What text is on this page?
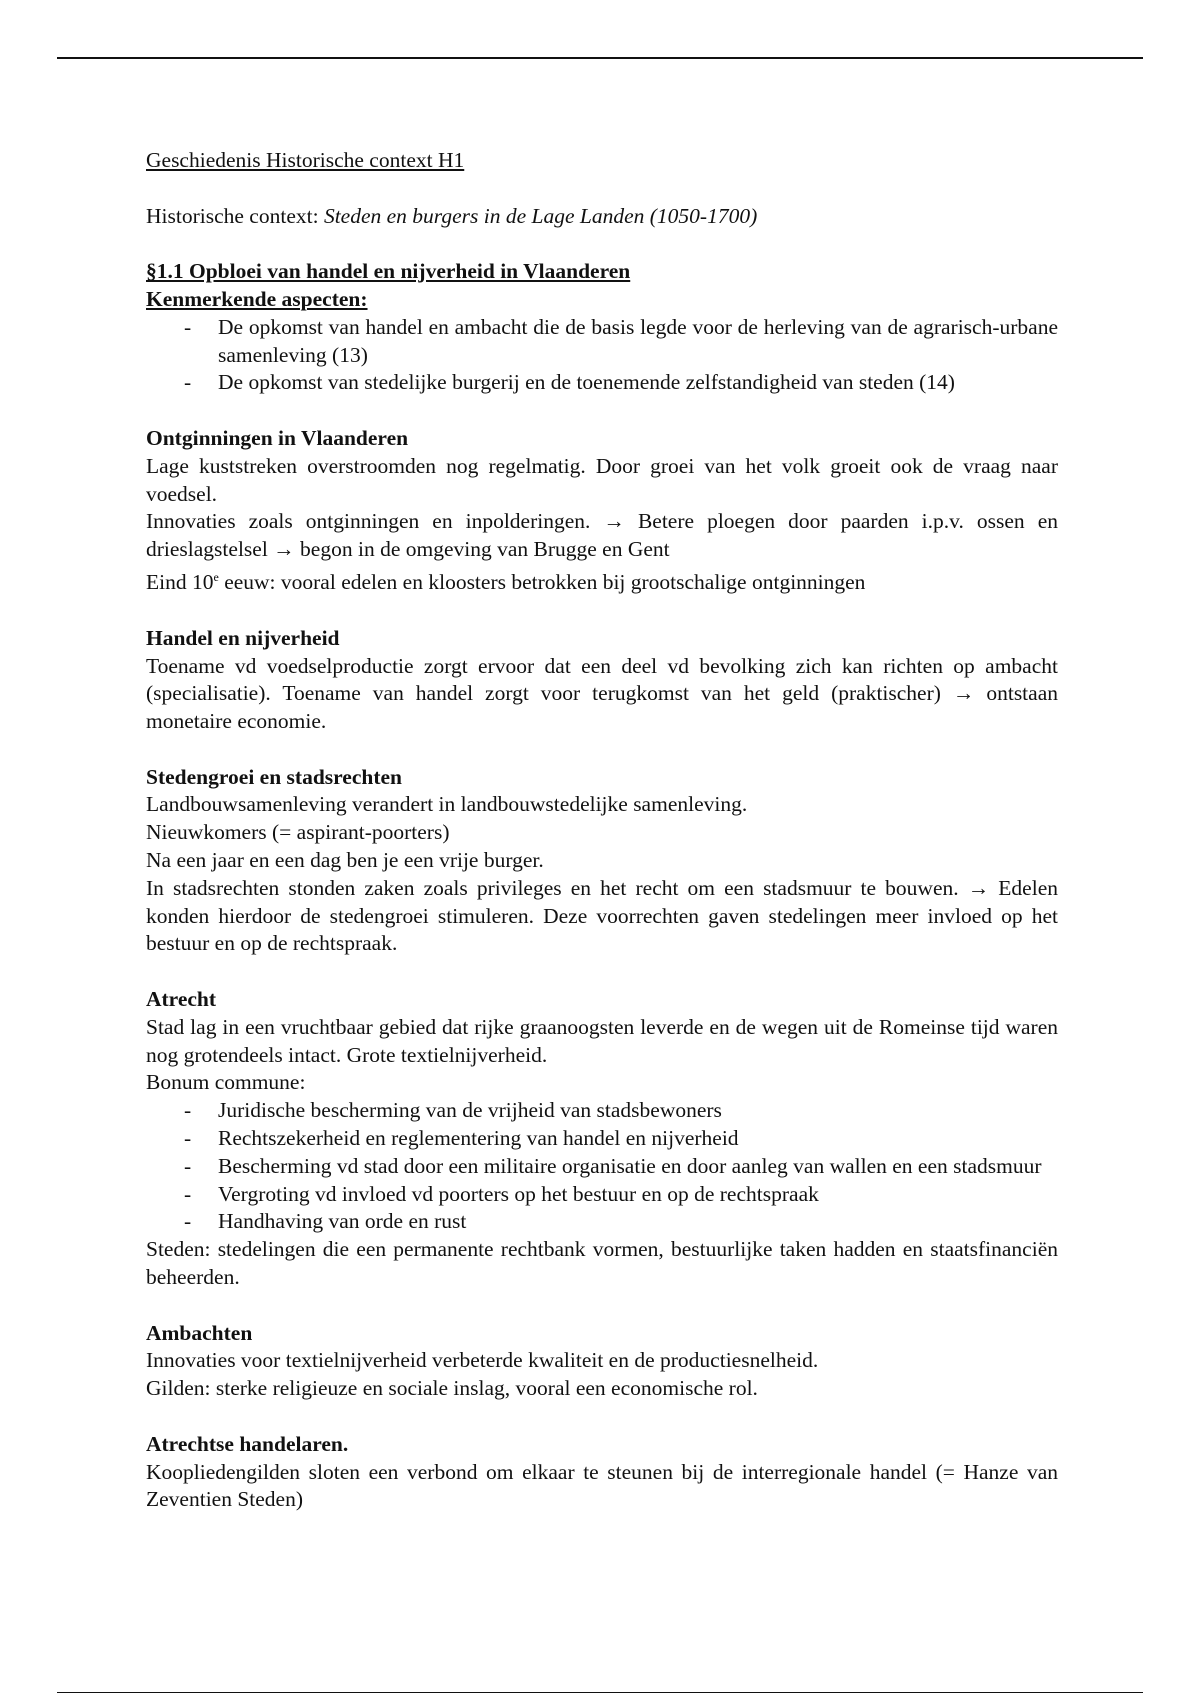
Geschiedenis Historische context H1
Historische context: Steden en burgers in de Lage Landen (1050-1700)
§1.1 Opbloei van handel en nijverheid in Vlaanderen
Kenmerkende aspecten:
- De opkomst van handel en ambacht die de basis legde voor de herleving van de agrarisch-urbane samenleving (13)
- De opkomst van stedelijke burgerij en de toenemende zelfstandigheid van steden (14)
Ontginningen in Vlaanderen

Lage kuststreken overstroomden nog regelmatig. Door groei van het volk groeit ook de vraag naar voedsel.

Innovaties zoals ontginningen en inpolderingen. → Betere ploegen door paarden i.p.v. ossen en drieslagstelsel → begon in de omgeving van Brugge en Gent

Eind 10e eeuw: vooral edelen en kloosters betrokken bij grootschalige ontginningen

Handel en nijverheid

Toename vd voedselproductie zorgt ervoor dat een deel vd bevolking zich kan richten op ambacht (specialisatie). Toename van handel zorgt voor terugkomst van het geld (praktischer) → ontstaan monetaire economie.

Stedengroei en stadsrechten

Landbouwsamenleving verandert in landbouwstedelijke samenleving.

Nieuwkomers (= aspirant-poorters)

Na een jaar en een dag ben je een vrije burger.

In stadsrechten stonden zaken zoals privileges en het recht om een stadsmuur te bouwen. → Edelen konden hierdoor de stedengroei stimuleren. Deze voorrechten gaven stedelingen meer invloed op het bestuur en op de rechtspraak.

Atrecht

Stad lag in een vruchtbaar gebied dat rijke graanoogsten leverde en de wegen uit de Romeinse tijd waren nog grotendeels intact. Grote textielnijverheid.

Bonum commune:

- Juridische bescherming van de vrijheid van stadsbewoners
- Rechtszekerheid en reglementering van handel en nijverheid
- Bescherming vd stad door een militaire organisatie en door aanleg van wallen en een stadsmuur
- Vergroting vd invloed vd poorters op het bestuur en op de rechtspraak
- Handhaving van orde en rust

Steden: stedelingen die een permanente rechtbank vormen, bestuurlijke taken hadden en staatsfinanciën beheerden.

Ambachten

Innovaties voor textielnijverheid verbeterde kwaliteit en de productiesnelheid.

Gilden: sterke religieuze en sociale inslag, vooral een economische rol.

Atrechtse handelaren.

Koopliedengilden sloten een verbond om elkaar te steunen bij de interregionale handel (= Hanze van Zeventien Steden)
